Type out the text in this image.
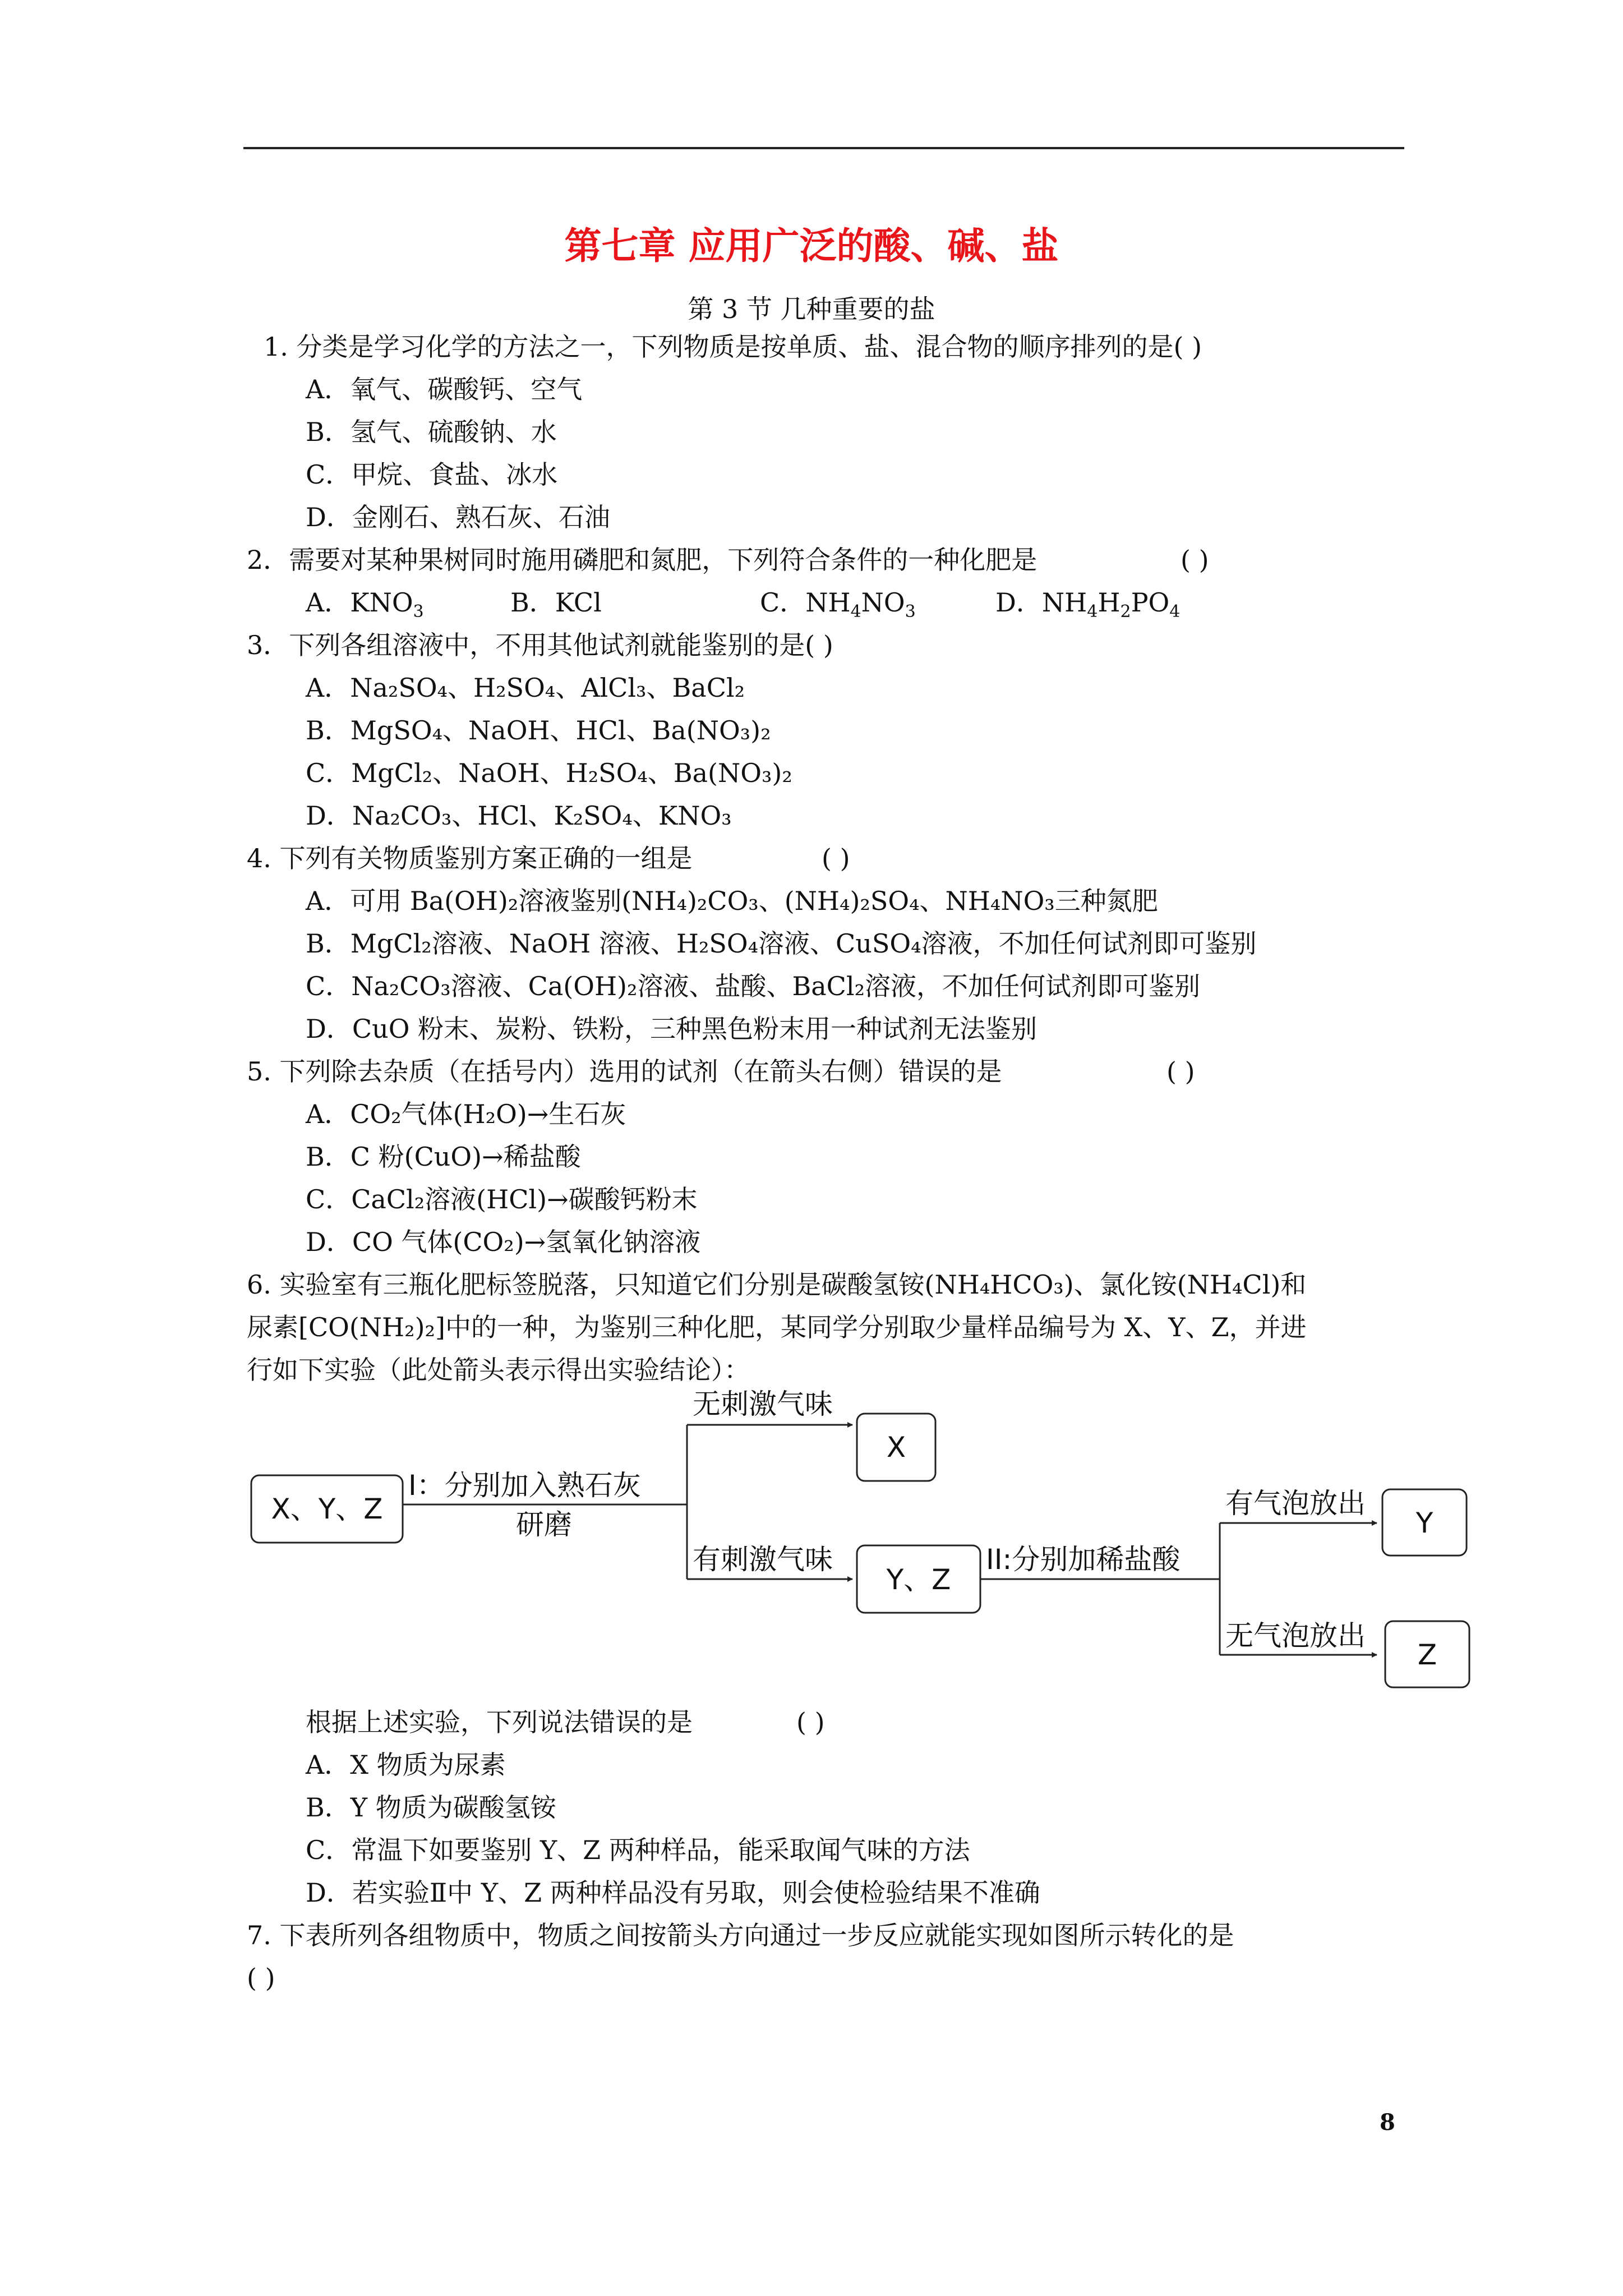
第七章 应用广泛的酸、碱、盐
第 3 节 几种重要的盐
1. 分类是学习化学的方法之一，下列物质是按单质、盐、混合物的顺序排列的是( )
A．氧气、碳酸钙、空气
B．氢气、硫酸钠、水
C．甲烷、食盐、冰水
D．金刚石、熟石灰、石油
2．需要对某种果树同时施用磷肥和氮肥，下列符合条件的一种化肥是	( )
A．$KNO_3$	B．KCl	C．$NH_4NO_3$	D．$NH_4H_2PO_4$
3．下列各组溶液中，不用其他试剂就能鉴别的是( )
A．Na₂SO₄、H₂SO₄、AlCl₃、BaCl₂
B．MgSO₄、NaOH、HCl、Ba(NO₃)₂
C．MgCl₂、NaOH、H₂SO₄、Ba(NO₃)₂
D．Na₂CO₃、HCl、K₂SO₄、KNO₃
4. 下列有关物质鉴别方案正确的一组是	( )
A．可用 Ba(OH)₂溶液鉴别(NH₄)₂CO₃、(NH₄)₂SO₄、NH₄NO₃三种氮肥
B．MgCl₂溶液、NaOH 溶液、H₂SO₄溶液、CuSO₄溶液，不加任何试剂即可鉴别
C．Na₂CO₃溶液、Ca(OH)₂溶液、盐酸、BaCl₂溶液，不加任何试剂即可鉴别
D．CuO 粉末、炭粉、铁粉，三种黑色粉末用一种试剂无法鉴别
5. 下列除去杂质（在括号内）选用的试剂（在箭头右侧）错误的是	( )
A．CO₂气体(H₂O)→生石灰
B．C 粉(CuO)→稀盐酸
C．CaCl₂溶液(HCl)→碳酸钙粉末
D．CO 气体(CO₂)→氢氧化钠溶液
6. 实验室有三瓶化肥标签脱落，只知道它们分别是碳酸氢铵(NH₄HCO₃)、氯化铵(NH₄Cl)和
尿素[CO(NH₂)₂]中的一种，为鉴别三种化肥，某同学分别取少量样品编号为 X、Y、Z，并进
行如下实验（此处箭头表示得出实验结论）：
X、Y、Z
I：分别加入熟石灰
研磨
无刺激气味
有刺激气味
X
Y、Z
II:分别加稀盐酸
有气泡放出
无气泡放出
Y
Z
根据上述实验，下列说法错误的是	( )
A．X 物质为尿素
B．Y 物质为碳酸氢铵
C．常温下如要鉴别 Y、Z 两种样品，能采取闻气味的方法
D．若实验Ⅱ中 Y、Z 两种样品没有另取，则会使检验结果不准确
7. 下表所列各组物质中，物质之间按箭头方向通过一步反应就能实现如图所示转化的是
( )
8
